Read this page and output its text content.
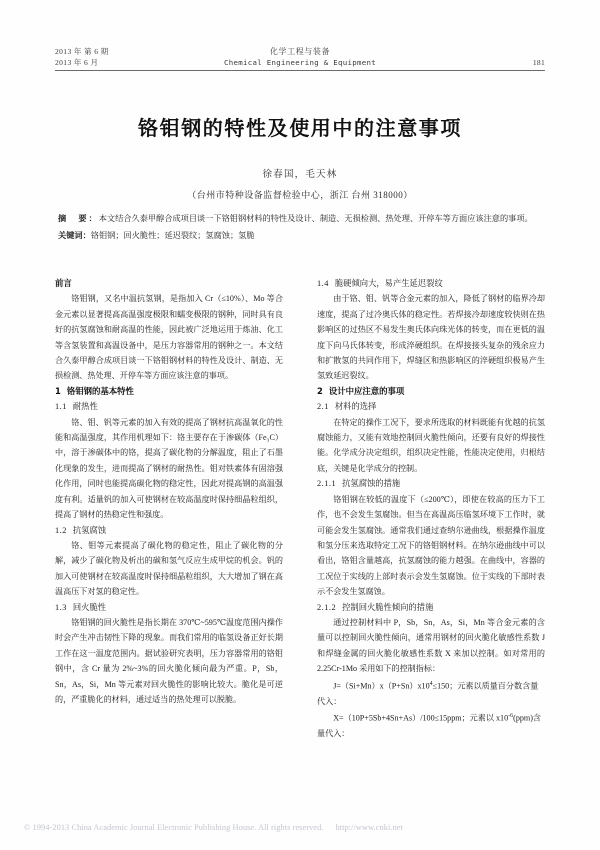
2013 年 第 6 期	化学工程与装备
2013 年 6 月	Chemical Engineering & Equipment	181
铬钼钢的特性及使用中的注意事项
徐春国，毛天林
（台州市特种设备监督检验中心，浙江 台州 318000）
摘　要：本文结合久泰甲醇合成项目谈一下铬钼钢材料的特性及设计、制造、无损检测、热处理、开停车等方面应该注意的事项。
关键词：铬钼钢；回火脆性；延迟裂纹；氢腐蚀；氢脆

前言

铬钼钢，又名中温抗氢钢，是指加入 Cr（≤10%）、Mo 等合金元素以显著提高高温强度极限和蠕变极限的钢种，同时具有良好的抗氢腐蚀和耐高温的性能，因此被广泛地运用于炼油、化工等含氢装置和高温设备中，是压力容器常用的钢种之一。本文结合久泰甲醇合成项目谈一下铬钼钢材料的特性及设计、制造、无损检测、热处理、开停车等方面应该注意的事项。

1 铬钼钢的基本特性

1.1 耐热性

铬、钼、钒等元素的加入有效的提高了钢材抗高温氧化的性能和高温强度，其作用机理如下：铬主要存在于渗碳体（Fe₃C）中，溶于渗碳体中的铬，提高了碳化物的分解温度，阻止了石墨化现象的发生，进而提高了钢材的耐热性。钼对铁素体有固溶强化作用，同时也能提高碳化物的稳定性，因此对提高钢的高温强度有利。适量钒的加入可使钢材在较高温度时保持细晶粒组织，提高了钢材的热稳定性和强度。

1.2 抗氢腐蚀

铬、钼等元素提高了碳化物的稳定性，阻止了碳化物的分解，减少了碳化物及析出的碳和氢气反应生成甲烷的机会。钒的加入可使钢材在较高温度时保持细晶粒组织，大大增加了钢在高温高压下对氢的稳定性。

1.3 回火脆性

铬钼钢的回火脆性是指长期在 370℃~595℃温度范围内操作时会产生冲击韧性下降的现象。而我们常用的临氢设备正好长期工作在这一温度范围内。据试验研究表明，压力容器常用的铬钼钢中，含 Cr 量为 2%~3%的回火脆化倾向最为严重。P，Sb，Sn，As，Si，Mn 等元素对回火脆性的影响比较大。脆化是可逆的，严重脆化的材料，通过适当的热处理可以脱脆。

1.4 脆硬倾向大，易产生延迟裂纹

由于铬、钼、钒等合金元素的加入，降低了钢材的临界冷却速度，提高了过冷奥氏体的稳定性。若焊接冷却速度较快则在热影响区的过热区不易发生奥氏体向珠光体的转变，而在更低的温度下向马氏体转变，形成淬硬组织。在焊接接头复杂的残余应力和扩散氢的共同作用下，焊缝区和热影响区的淬硬组织极易产生氢致延迟裂纹。

2 设计中应注意的事项

2.1 材料的选择

在特定的操作工况下，要求所选取的材料既能有优越的抗氢腐蚀能力，又能有效地控制回火脆性倾向，还要有良好的焊接性能。化学成分决定组织，组织决定性能，性能决定使用，归根结底，关键是化学成分的控制。

2.1.1 抗氢腐蚀的措施

铬钼钢在较低的温度下（≤200℃），即使在较高的压力下工作，也不会发生氢腐蚀。但当在高温高压临氢环境下工作时，就可能会发生氢腐蚀。通常我们通过查纳尔逊曲线，根据操作温度和氢分压来选取特定工况下的铬钼钢材料。在纳尔逊曲线中可以看出，铬钼含量越高，抗氢腐蚀的能力越强。在曲线中，容器的工况位于实线的上部时表示会发生氢腐蚀。位于实线的下部时表示不会发生氢腐蚀。

2.1.2 控制回火脆性倾向的措施

通过控制材料中 P，Sb，Sn，As，Si，Mn 等合金元素的含量可以控制回火脆性倾向，通常用钢材的回火脆化敏感性系数 J 和焊缝金属的回火脆化敏感性系数 X 来加以控制。如对常用的 2.25Cr-1Mo 采用如下的控制指标：

$J=(Si+Mn)x(P+Sn)x10^4\le 150$；元素以质量百分数含量代入：

X=（10P+5Sb+4Sn+As）/100≤15ppm；元素以 $x10^{-6}(ppm)$含量代入：

© 1994-2013 China Academic Journal Electronic Publishing House. All rights reserved. http://www.cnki.net
